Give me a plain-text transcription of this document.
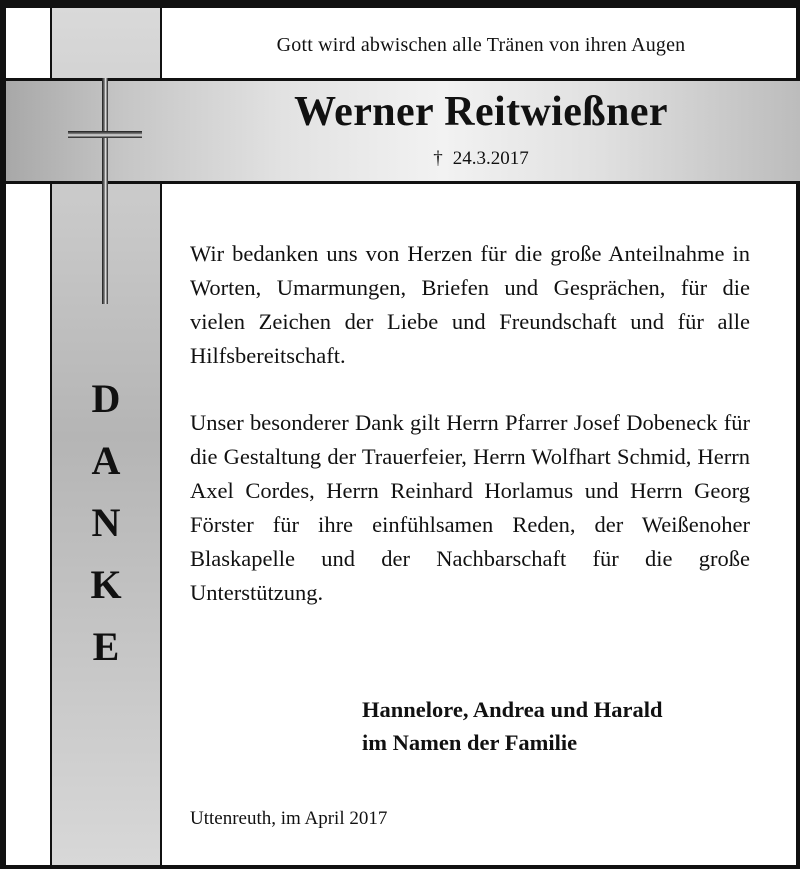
D
A
N
K
E
Gott wird abwischen alle Tränen von ihren Augen
Werner Reitwießner
† 24.3.2017

Wir bedanken uns von Herzen für die große Anteilnahme in Worten, Umarmungen, Briefen und Gesprächen, für die vielen Zeichen der Liebe und Freundschaft und für alle Hilfsbereitschaft.

Unser besonderer Dank gilt Herrn Pfarrer Josef Dobeneck für die Gestaltung der Trauerfeier, Herrn Wolfhart Schmid, Herrn Axel Cordes, Herrn Reinhard Horlamus und Herrn Georg Förster für ihre einfühlsamen Reden, der Weißenoher Blaskapelle und der Nachbarschaft für die große Unterstützung.

Hannelore, Andrea und Harald
im Namen der Familie
Uttenreuth, im April 2017
